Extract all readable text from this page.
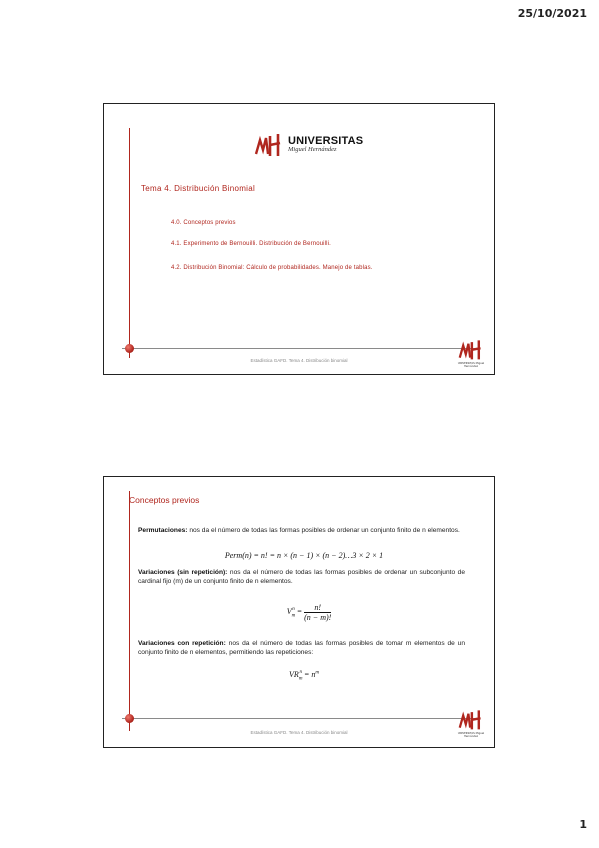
25/10/2021
UNIVERSITAS
Miguel Hernández
Tema 4. Distribución Binomial
4.0. Conceptos previos
4.1. Experimento de Bernouilli. Distribución de Bernouilli.
4.2. Distribución Binomial: Cálculo de probabilidades. Manejo de tablas.
UNIVERSITAS Miguel Hernández
Estadística GAFD. Tema 4. Distribución binomial
Conceptos previos
Permutaciones: nos da el número de todas las formas posibles de ordenar un conjunto finito de n elementos.
Perm(n) = n! = n × (n − 1) × (n − 2)…3 × 2 × 1
Variaciones (sin repetición): nos da el número de todas las formas posibles de ordenar un subconjunto de cardinal fijo (m) de un conjunto finito de n elementos.
$V_m^n = \frac{n!}{(n - m)!}$
Variaciones con repetición: nos da el número de todas las formas posibles de tomar m elementos de un conjunto finito de n elementos, permitiendo las repeticiones:
$VR_m^n = n^m$
UNIVERSITAS Miguel Hernández
Estadística GAFD. Tema 4. Distribución binomial
1
